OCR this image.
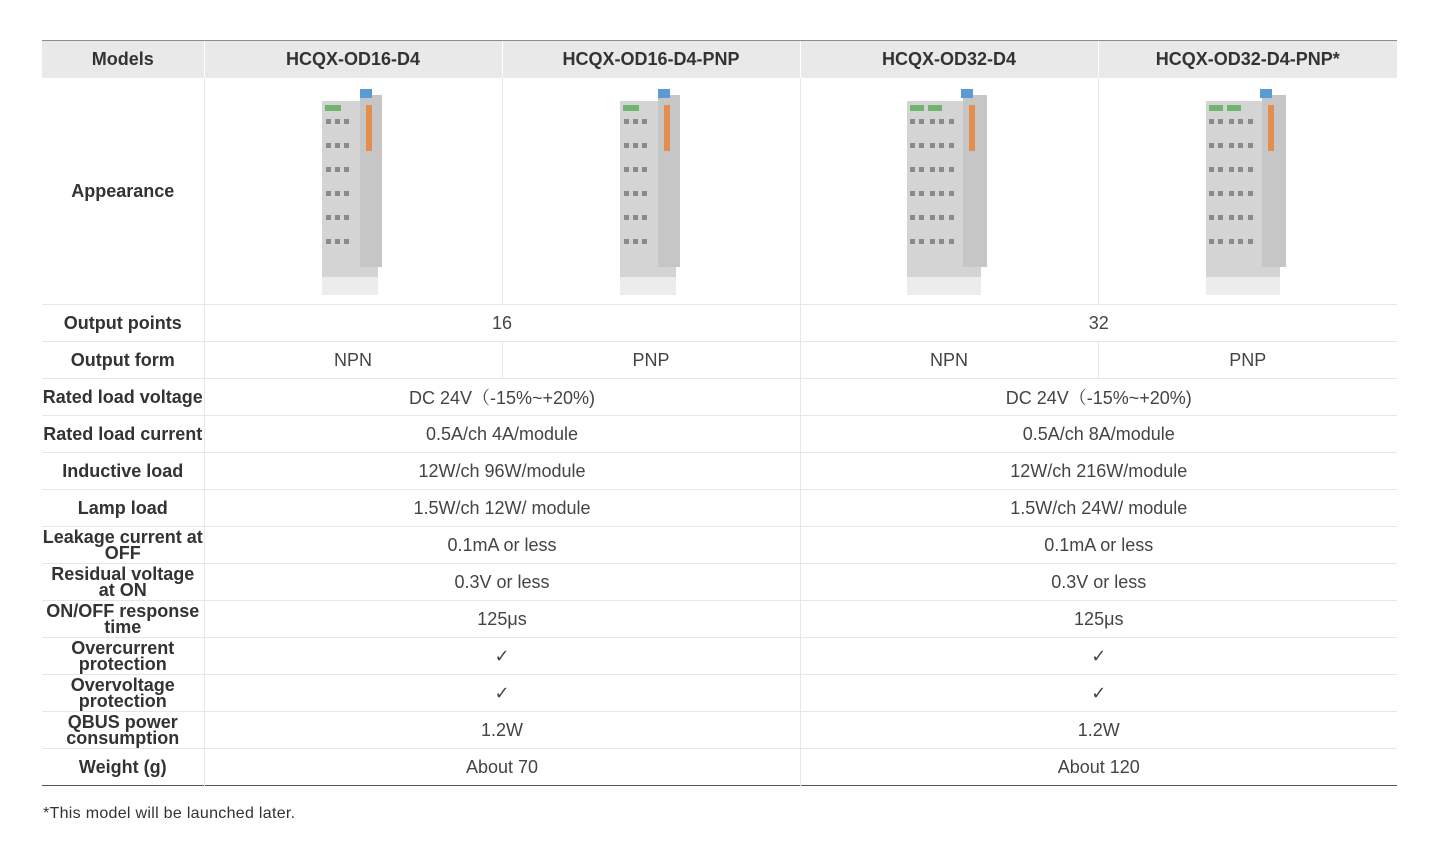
Models	HCQX-OD16-D4	HCQX-OD16-D4-PNP	HCQX-OD32-D4	HCQX-OD32-D4-PNP*
Appearance	

Output points	16		32	
Output form	NPN	PNP	NPN	PNP
Rated load voltage	DC 24V（-15%~+20%)		DC 24V（-15%~+20%)	
Rated load current	0.5A/ch 4A/module		0.5A/ch 8A/module	
Inductive load	12W/ch 96W/module		12W/ch 216W/module	
Lamp load	1.5W/ch 12W/ module		1.5W/ch 24W/ module	
Leakage current at OFF	0.1mA or less		0.1mA or less	
Residual voltage at ON	0.3V or less		0.3V or less	
ON/OFF response time	125μs		125μs	
Overcurrent protection	✓		✓	
Overvoltage protection	✓		✓	
QBUS power consumption	1.2W		1.2W	
Weight (g)	About 70		About 120	
*This model will be launched later.
